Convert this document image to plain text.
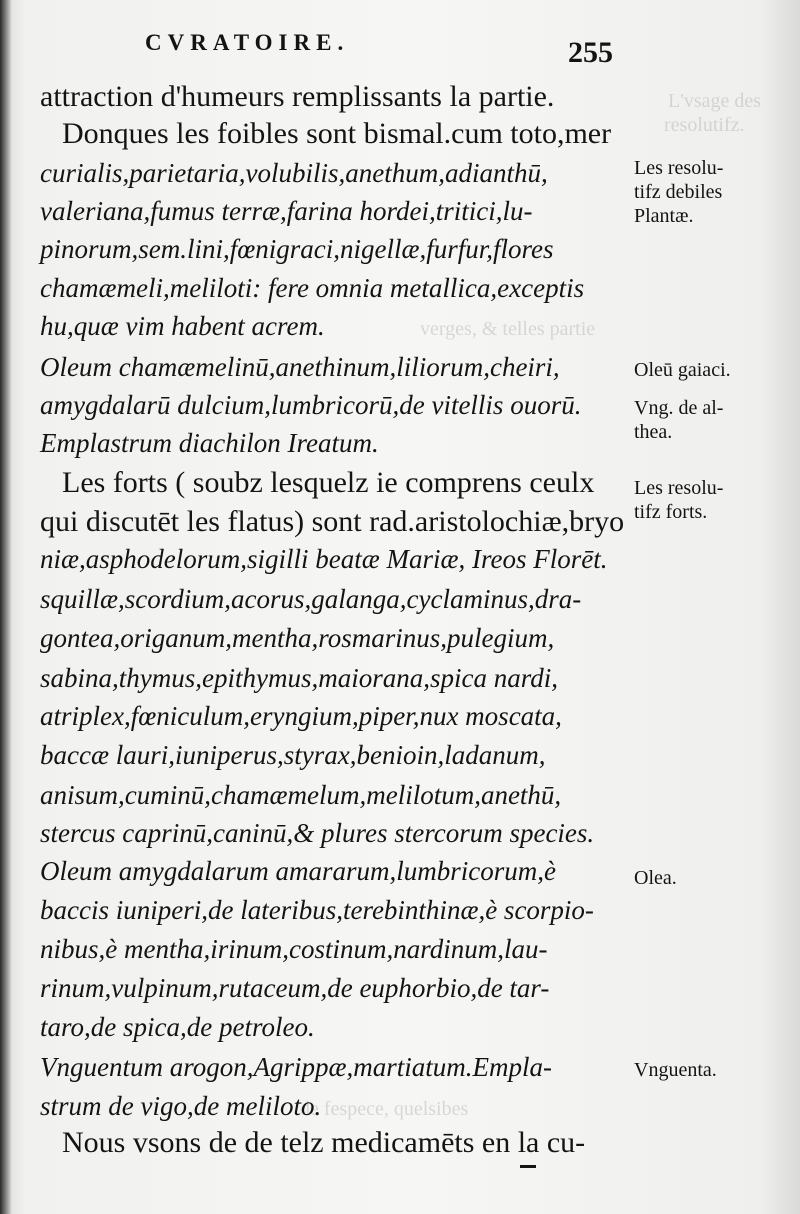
L'vsage des
resolutifz.
verges, & telles partie
de fespece, quelsibes
CVRATOIRE.	255
attraction d'humeurs remplissants la partie.
Donques les foibles sont bismal.cum toto,mer
curialis,parietaria,volubilis,anethum,adianthū,
valeriana,fumus terræ,farina hordei,tritici,lu-
pinorum,sem.lini,fœnigraci,nigellæ,furfur,flores
chamæmeli,meliloti: fere omnia metallica,exceptis
hu,quæ vim habent acrem.
Oleum chamæmelinū,anethinum,liliorum,cheiri,
amygdalarū dulcium,lumbricorū,de vitellis ouorū.
Emplastrum diachilon Ireatum.
Les forts ( soubz lesquelz ie comprens ceulx
qui discutēt les flatus) sont rad.aristolochiæ,bryo
niæ,asphodelorum,sigilli beatæ Mariæ, Ireos Florēt.
squillæ,scordium,acorus,galanga,cyclaminus,dra-
gontea,origanum,mentha,rosmarinus,pulegium,
sabina,thymus,epithymus,maiorana,spica nardi,
atriplex,fœniculum,eryngium,piper,nux moscata,
baccæ lauri,iuniperus,styrax,benioin,ladanum,
anisum,cuminū,chamæmelum,melilotum,anethū,
stercus caprinū,caninū,& plures stercorum species.
Oleum amygdalarum amararum,lumbricorum,è
baccis iuniperi,de lateribus,terebinthinæ,è scorpio-
nibus,è mentha,irinum,costinum,nardinum,lau-
rinum,vulpinum,rutaceum,de euphorbio,de tar-
taro,de spica,de petroleo.
Vnguentum arogon,Agrippæ,martiatum.Empla-
strum de vigo,de meliloto.
Nous vsons de de telz medicamēts en la cu-
Les resolu-
tifz debiles
Plantæ.
Oleū gaiaci.
Vng. de al-
thea.
Les resolu-
tifz forts.
Olea.
Vnguenta.
